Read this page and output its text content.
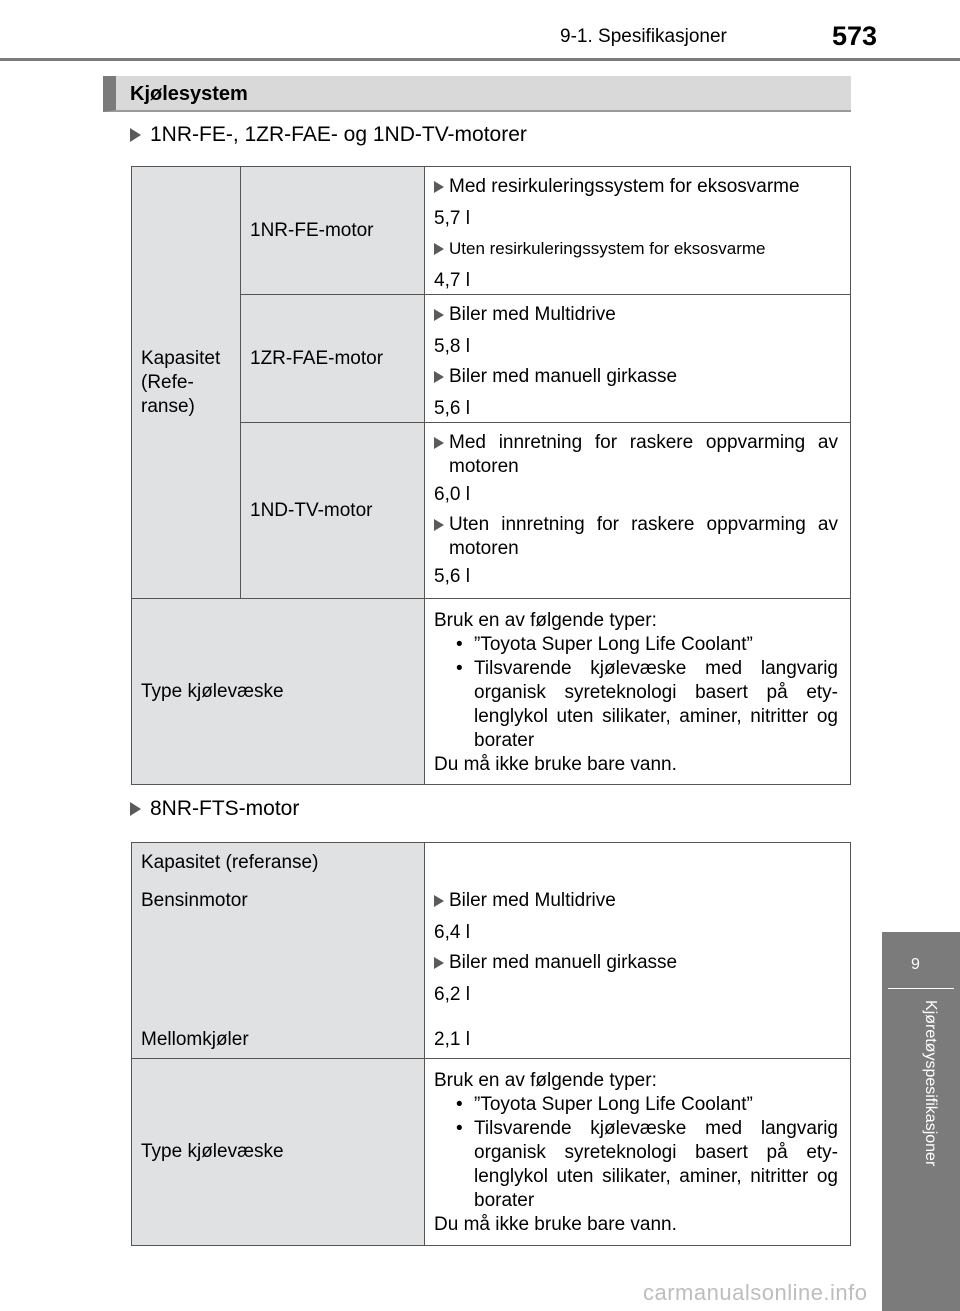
9-1. Spesifikasjoner	573
Kjølesystem
1NR-FE-, 1ZR-FAE- og 1ND-TV-motorer
Kapasitet
(Refe-
ranse)
1NR-FE-motor
Med resirkuleringssystem for eksosvarme
5,7 l
Uten resirkuleringssystem for eksosvarme
4,7 l
1ZR-FAE-motor
Biler med Multidrive
5,8 l
Biler med manuell girkasse
5,6 l
1ND-TV-motor
Med innretning for raskere oppvarming av motoren
6,0 l
Uten innretning for raskere oppvarming av motoren
5,6 l
Type kjølevæske
Bruk en av følgende typer:
• ”Toyota Super Long Life Coolant”
• Tilsvarende kjølevæske med langvarig organisk syreteknologi basert på ety- lenglykol uten silikater, aminer, nitritter og borater
Du må ikke bruke bare vann.
8NR-FTS-motor
Kapasitet (referanse)
Bensinmotor
Mellomkjøler
Biler med Multidrive
6,4 l
Biler med manuell girkasse
6,2 l
2,1 l
Type kjølevæske
Bruk en av følgende typer:
• ”Toyota Super Long Life Coolant”
• Tilsvarende kjølevæske med langvarig organisk syreteknologi basert på ety- lenglykol uten silikater, aminer, nitritter og borater
Du må ikke bruke bare vann.
9
Kjøretøyspesifikasjoner
carmanualsonline.info
